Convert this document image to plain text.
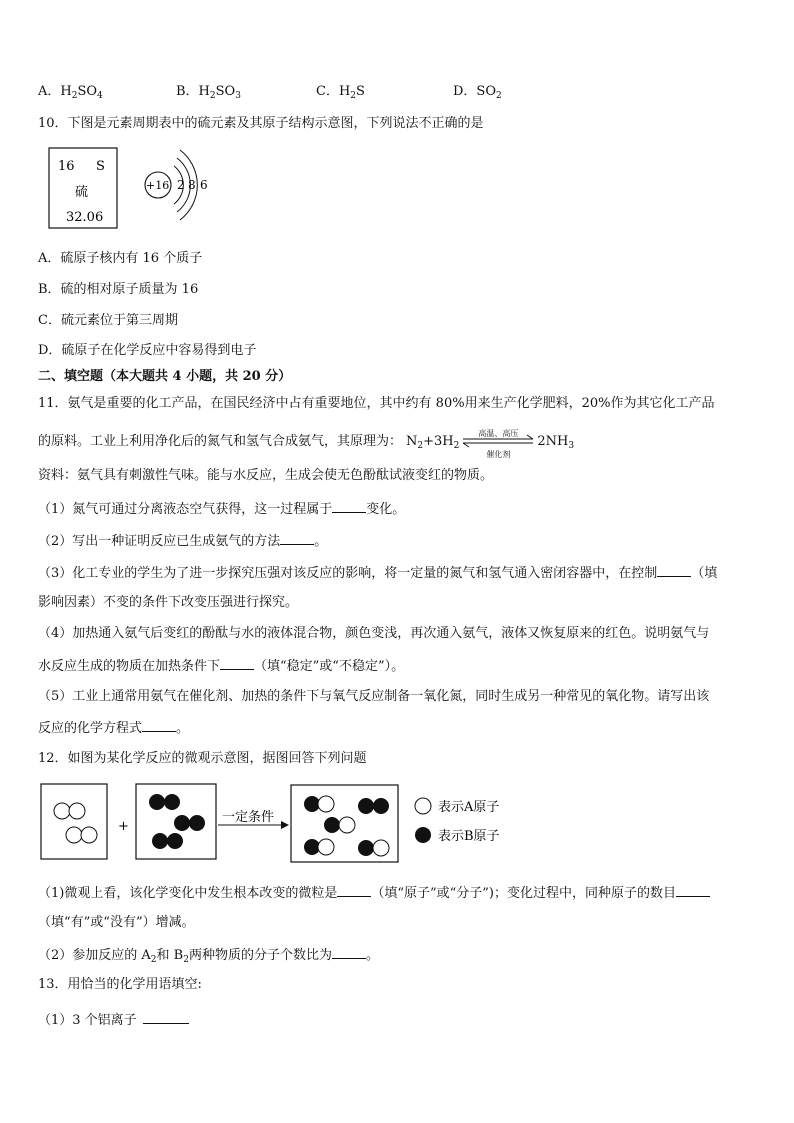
A．$H_2SO_4$	B．$H_2SO_3$	C．$H_2S$	D．$SO_2$
10．下图是元素周期表中的硫元素及其原子结构示意图，下列说法不正确的是
16 S
硫
32.06
+16 2 8 6
A．硫原子核内有 16 个质子
B．硫的相对原子质量为 16
C．硫元素位于第三周期
D．硫原子在化学反应中容易得到电子
二、填空题（本大题共 4 小题，共 20 分）
11．氨气是重要的化工产品，在国民经济中占有重要地位，其中约有 80%用来生产化学肥料，20%作为其它化工产品
的原料。工业上利用净化后的氮气和氢气合成氨气，其原理为： $N_2+3H_2$
高温、高压
催化剂
$2NH_3$
资料：氨气具有刺激性气味。能与水反应，生成会使无色酚酞试液变红的物质。
（1）氮气可通过分离液态空气获得，这一过程属于	变化。
（2）写出一种证明反应已生成氨气的方法	。
（3）化工专业的学生为了进一步探究压强对该反应的影响，将一定量的氮气和氢气通入密闭容器中，在控制	（填
影响因素）不变的条件下改变压强进行探究。
（4）加热通入氨气后变红的酚酞与水的液体混合物，颜色变浅，再次通入氨气，液体又恢复原来的红色。说明氨气与
水反应生成的物质在加热条件下	（填“稳定”或“不稳定”）。
（5）工业上通常用氨气在催化剂、加热的条件下与氧气反应制备一氧化氮，同时生成另一种常见的氧化物。请写出该
反应的化学方程式	。
12．如图为某化学反应的微观示意图，据图回答下列问题
+
一定条件
表示A原子
表示B原子
（1)微观上看，该化学变化中发生根本改变的微粒是	（填“原子”或“分子”)；变化过程中，同种原子的数目
（填“有”或“没有”）增减。
（2）参加反应的 $A_2$和 $B_2$两种物质的分子个数比为	。
13．用恰当的化学用语填空:
（1）3 个铝离子
